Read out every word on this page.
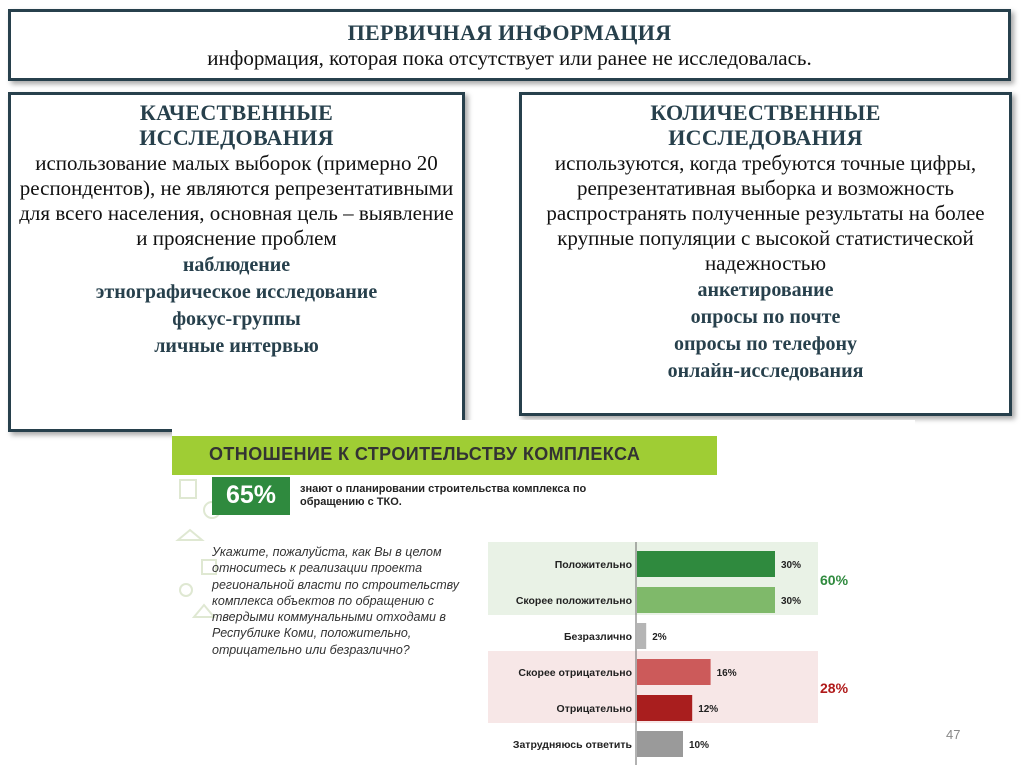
ПЕРВИЧНАЯ ИНФОРМАЦИЯ
информация, которая пока отсутствует или ранее не исследовалась.
КАЧЕСТВЕННЫЕ
ИССЛЕДОВАНИЯ
использование малых выборок (примерно 20 респондентов), не являются репрезентативными для всего населения, основная цель – выявление и прояснение проблем
наблюдение
этнографическое исследование
фокус-группы
личные интервью
КОЛИЧЕСТВЕННЫЕ
ИССЛЕДОВАНИЯ
используются, когда требуются точные цифры, репрезентативная выборка и возможность распространять полученные результаты на более крупные популяции с высокой статистической надежностью
анкетирование
опросы по почте
опросы по телефону
онлайн-исследования
ОТНОШЕНИЕ К СТРОИТЕЛЬСТВУ КОМПЛЕКСА
65%	знают о планировании строительства комплекса по обращению с ТКО.
Укажите, пожалуйста, как Вы в целом относитесь к реализации проекта региональной власти по строительству комплекса объектов по обращению с твердыми коммунальными отходами в Республике Коми, положительно, отрицательно или безразлично?
Положительно	30%
Скорее положительно	30%
Безразлично 2%
Скорее отрицательно	16%
Отрицательно	12%
Затрудняюсь ответить	10%
60%
28%
47
